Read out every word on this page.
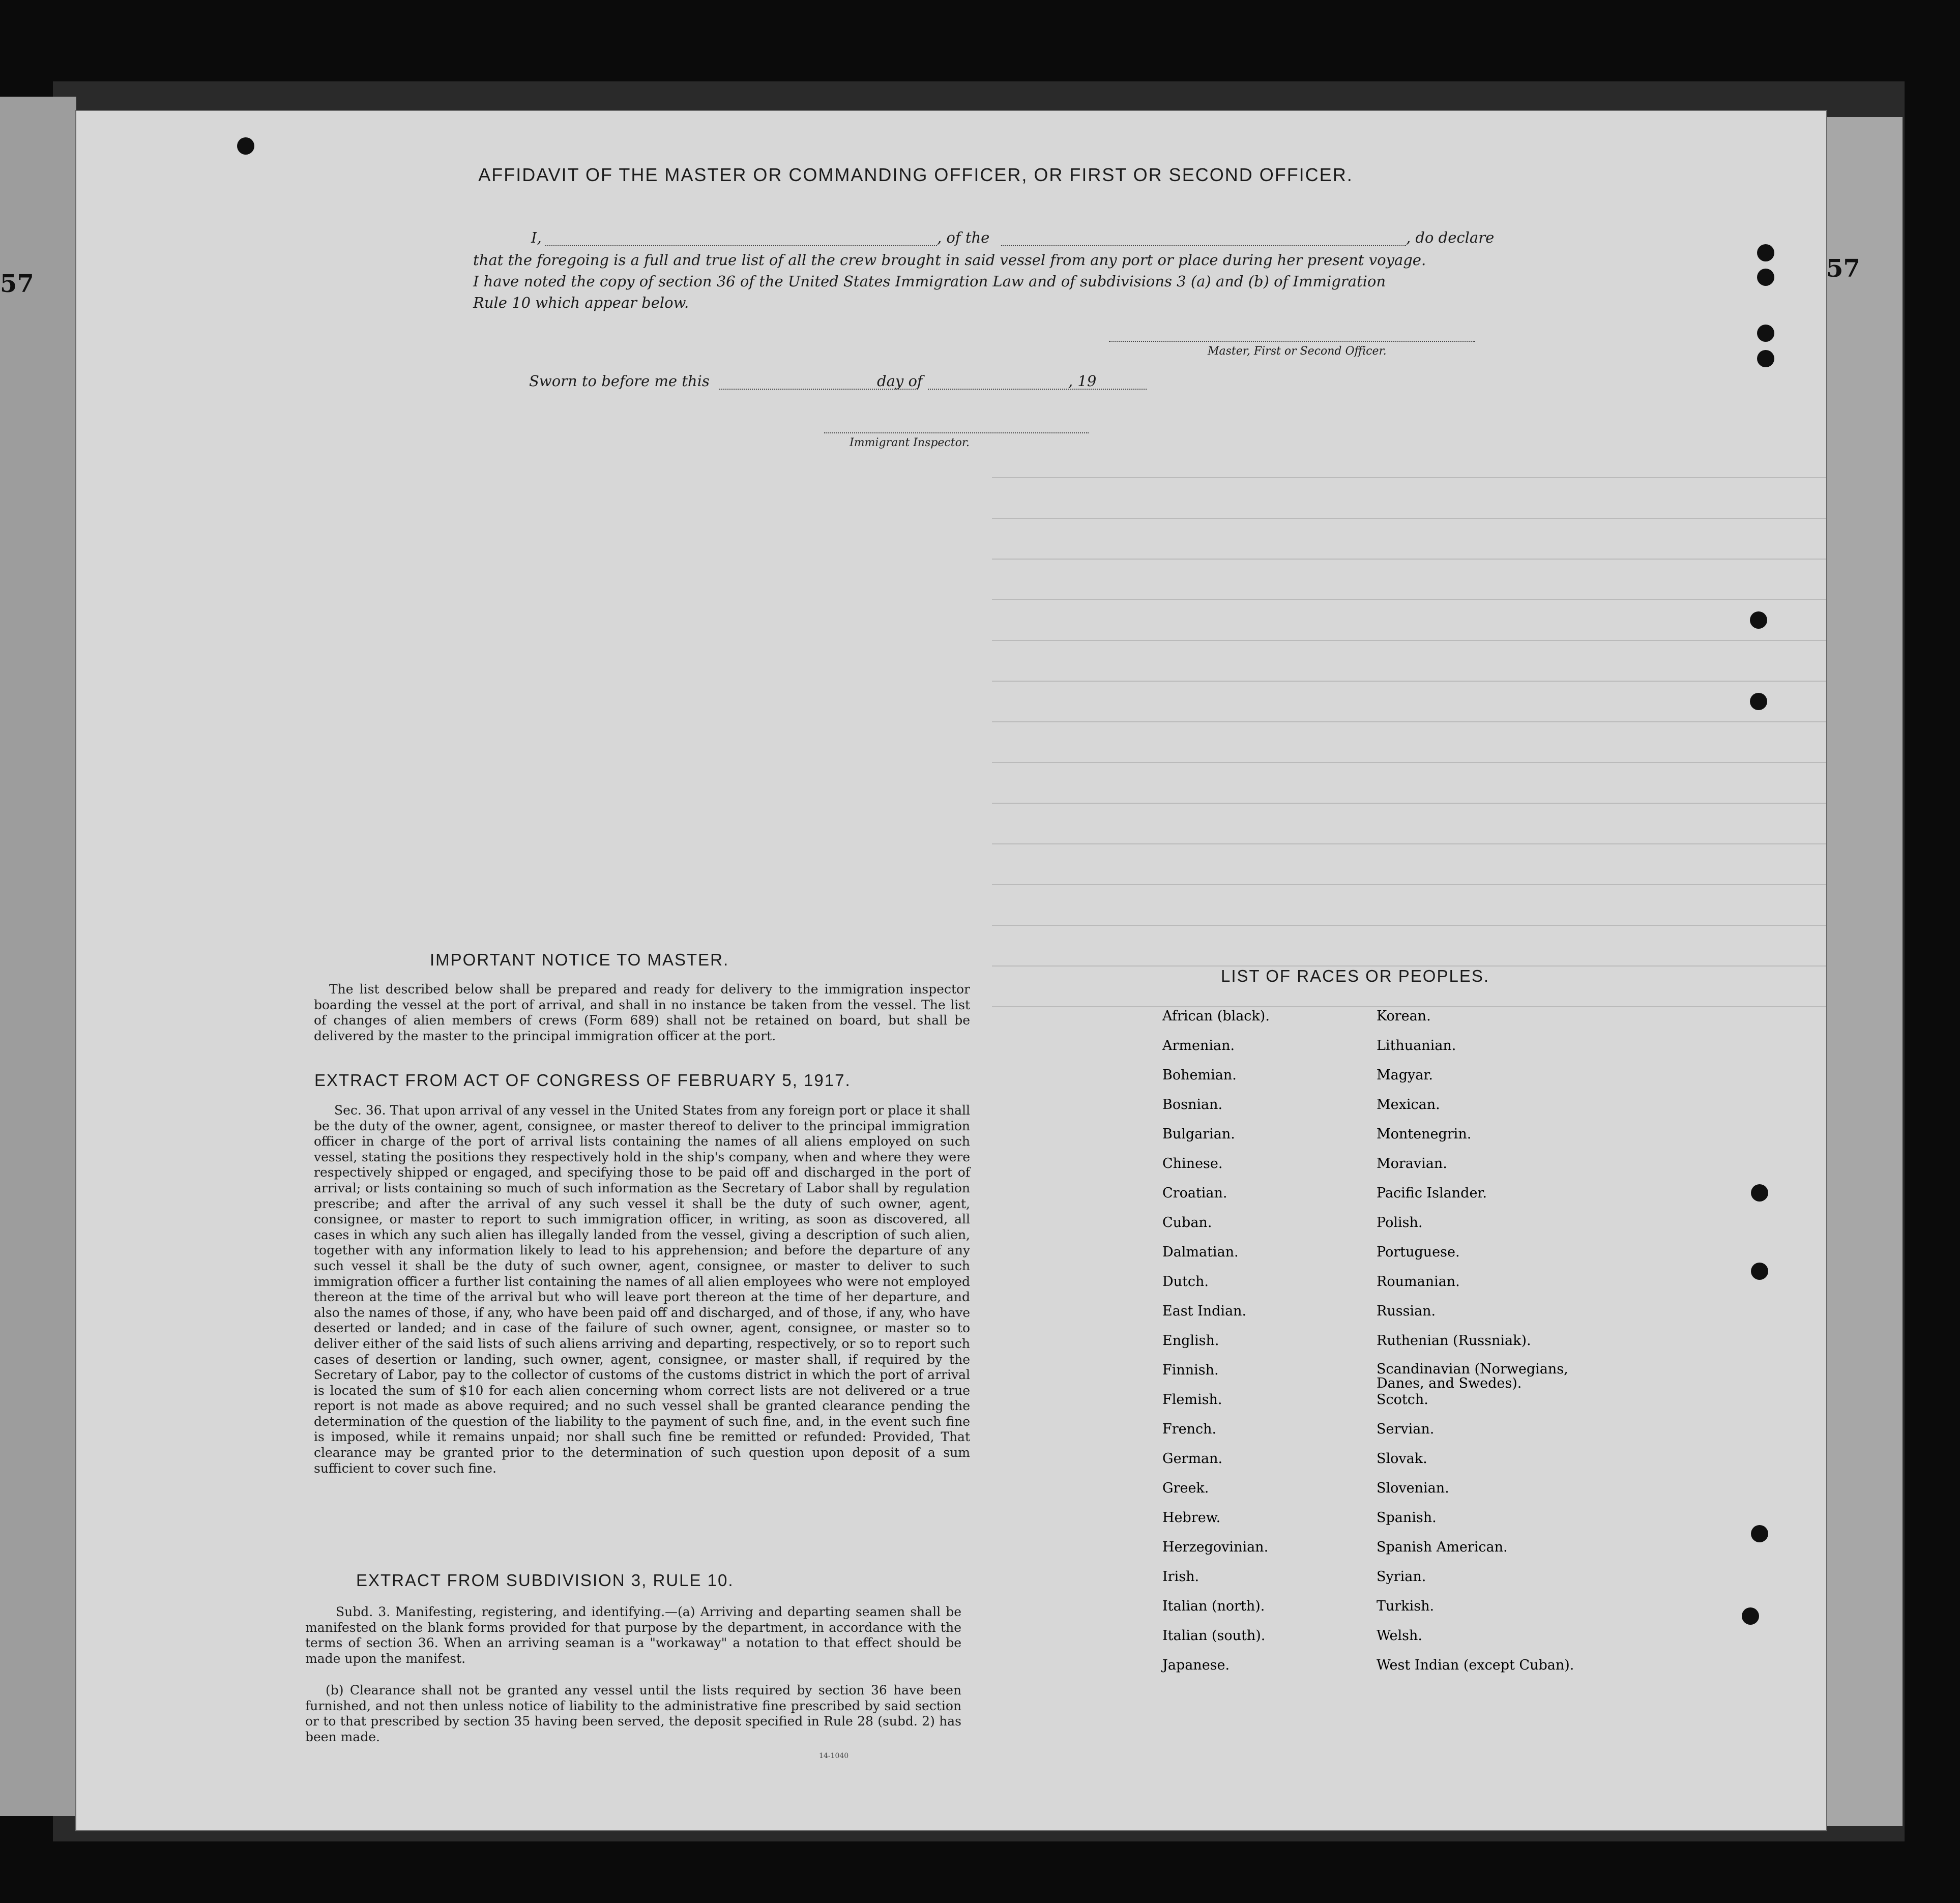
57
57
AFFIDAVIT OF THE MASTER OR COMMANDING OFFICER, OR FIRST OR SECOND OFFICER.
I,	, of the	, do declare
that the foregoing is a full and true list of all the crew brought in said vessel from any port or place during her present voyage.
I have noted the copy of section 36 of the United States Immigration Law and of subdivisions 3 (a) and (b) of Immigration
Rule 10 which appear below.
Master, First or Second Officer.
Sworn to before me this	day of	, 19
Immigrant Inspector.
IMPORTANT NOTICE TO MASTER.
The list described below shall be prepared and ready for delivery to the immigration inspector boarding the vessel at the port of arrival, and shall in no instance be taken from the vessel. The list of changes of alien members of crews (Form 689) shall not be retained on board, but shall be delivered by the master to the principal immigration officer at the port.
EXTRACT FROM ACT OF CONGRESS OF FEBRUARY 5, 1917.
Sec. 36. That upon arrival of any vessel in the United States from any foreign port or place it shall be the duty of the owner, agent, consignee, or master thereof to deliver to the principal immigration officer in charge of the port of arrival lists containing the names of all aliens employed on such vessel, stating the positions they respectively hold in the ship's company, when and where they were respectively shipped or engaged, and specifying those to be paid off and discharged in the port of arrival; or lists containing so much of such information as the Secretary of Labor shall by regulation prescribe; and after the arrival of any such vessel it shall be the duty of such owner, agent, consignee, or master to report to such immigration officer, in writing, as soon as discovered, all cases in which any such alien has illegally landed from the vessel, giving a description of such alien, together with any information likely to lead to his apprehension; and before the departure of any such vessel it shall be the duty of such owner, agent, consignee, or master to deliver to such immigration officer a further list containing the names of all alien employees who were not employed thereon at the time of the arrival but who will leave port thereon at the time of her departure, and also the names of those, if any, who have been paid off and discharged, and of those, if any, who have deserted or landed; and in case of the failure of such owner, agent, consignee, or master so to deliver either of the said lists of such aliens arriving and departing, respectively, or so to report such cases of desertion or landing, such owner, agent, consignee, or master shall, if required by the Secretary of Labor, pay to the collector of customs of the customs district in which the port of arrival is located the sum of $10 for each alien concerning whom correct lists are not delivered or a true report is not made as above required; and no such vessel shall be granted clearance pending the determination of the question of the liability to the payment of such fine, and, in the event such fine is imposed, while it remains unpaid; nor shall such fine be remitted or refunded: Provided, That clearance may be granted prior to the determination of such question upon deposit of a sum sufficient to cover such fine.
EXTRACT FROM SUBDIVISION 3, RULE 10.
Subd. 3. Manifesting, registering, and identifying.—(a) Arriving and departing seamen shall be manifested on the blank forms provided for that purpose by the department, in accordance with the terms of section 36. When an arriving seaman is a "workaway" a notation to that effect should be made upon the manifest.
(b) Clearance shall not be granted any vessel until the lists required by section 36 have been furnished, and not then unless notice of liability to the administrative fine prescribed by said section or to that prescribed by section 35 having been served, the deposit specified in Rule 28 (subd. 2) has been made.
14-1040
LIST OF RACES OR PEOPLES.
African (black).
Armenian.
Bohemian.
Bosnian.
Bulgarian.
Chinese.
Croatian.
Cuban.
Dalmatian.
Dutch.
East Indian.
English.
Finnish.
Flemish.
French.
German.
Greek.
Hebrew.
Herzegovinian.
Irish.
Italian (north).
Italian (south).
Japanese.
Korean.
Lithuanian.
Magyar.
Mexican.
Montenegrin.
Moravian.
Pacific Islander.
Polish.
Portuguese.
Roumanian.
Russian.
Ruthenian (Russniak).
Scandinavian (Norwegians, Danes, and Swedes).
Scotch.
Servian.
Slovak.
Slovenian.
Spanish.
Spanish American.
Syrian.
Turkish.
Welsh.
West Indian (except Cuban).
